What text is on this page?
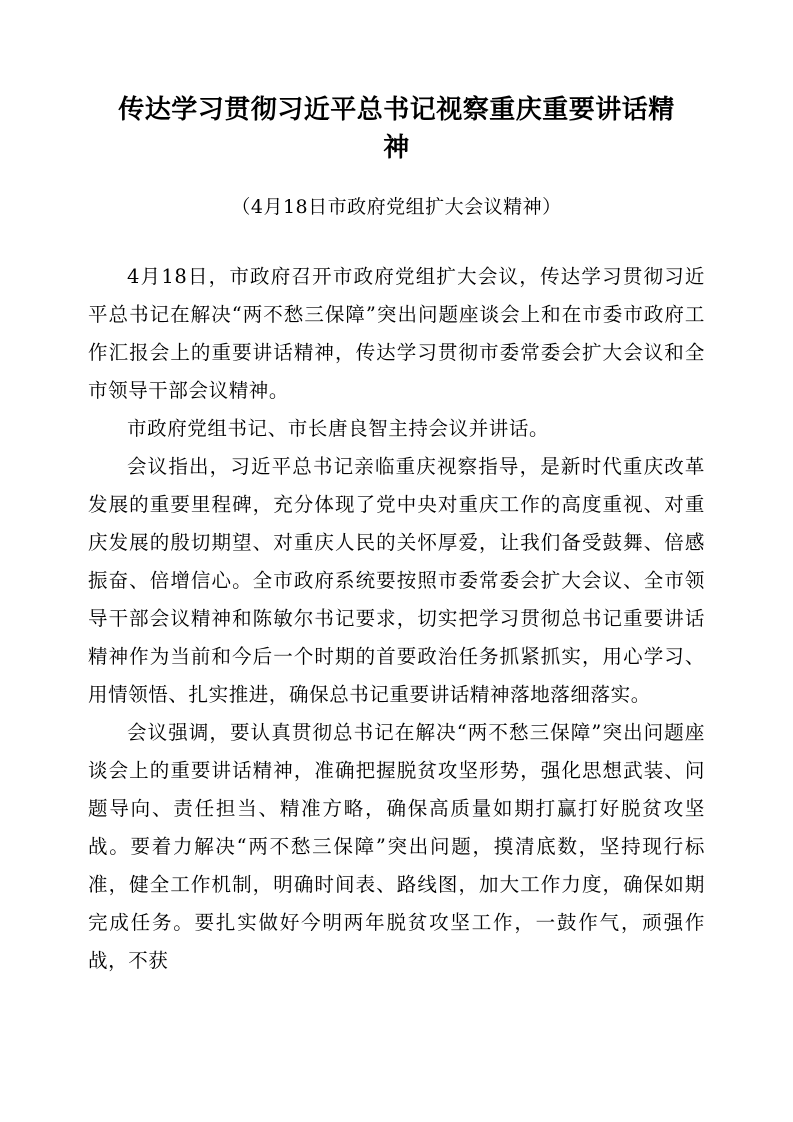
传达学习贯彻习近平总书记视察重庆重要讲话精神
（4月18日市政府党组扩大会议精神）

4月18日，市政府召开市政府党组扩大会议，传达学习贯彻习近平总书记在解决“两不愁三保障”突出问题座谈会上和在市委市政府工作汇报会上的重要讲话精神，传达学习贯彻市委常委会扩大会议和全市领导干部会议精神。

市政府党组书记、市长唐良智主持会议并讲话。

会议指出，习近平总书记亲临重庆视察指导，是新时代重庆改革发展的重要里程碑，充分体现了党中央对重庆工作的高度重视、对重庆发展的殷切期望、对重庆人民的关怀厚爱，让我们备受鼓舞、倍感振奋、倍增信心。全市政府系统要按照市委常委会扩大会议、全市领导干部会议精神和陈敏尔书记要求，切实把学习贯彻总书记重要讲话精神作为当前和今后一个时期的首要政治任务抓紧抓实，用心学习、用情领悟、扎实推进，确保总书记重要讲话精神落地落细落实。

会议强调，要认真贯彻总书记在解决“两不愁三保障”突出问题座谈会上的重要讲话精神，准确把握脱贫攻坚形势，强化思想武装、问题导向、责任担当、精准方略，确保高质量如期打赢打好脱贫攻坚战。要着力解决“两不愁三保障”突出问题，摸清底数，坚持现行标准，健全工作机制，明确时间表、路线图，加大工作力度，确保如期完成任务。要扎实做好今明两年脱贫攻坚工作，一鼓作气，顽强作战，不获
